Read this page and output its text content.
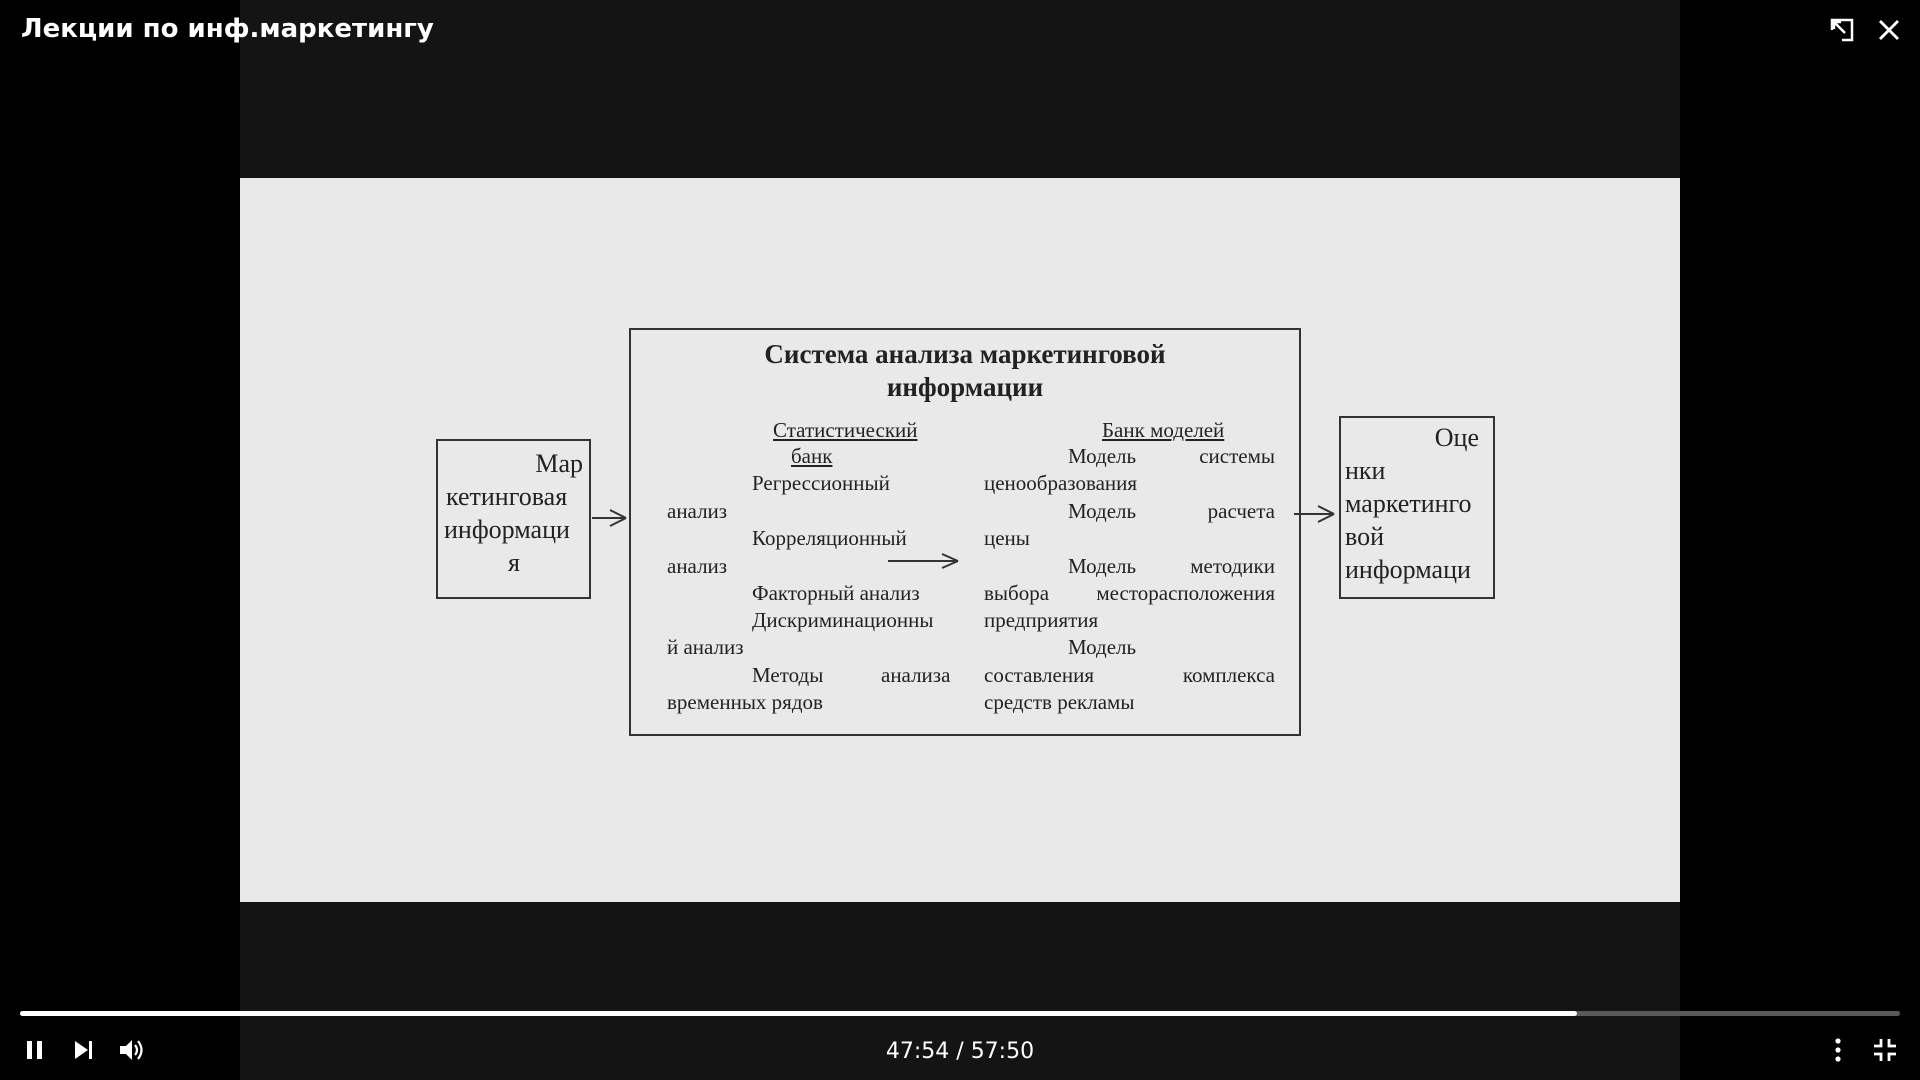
Мар
кетинговая
информаци
я
Система анализа маркетинговой
информации
Статистический
банк
Регрессионный
анализ
Корреляционный
анализ
Факторный анализ
Дискриминационны
й анализ
Методы	анализа
временных рядов
Банк моделей
Модель	системы
ценообразования
Модель	расчета
цены
Модель	методики
выбора месторасположения
предприятия
Модель
составления	комплекса
средств рекламы
Оце
нки
маркетинго
вой
информаци
Лекции по инф.маркетингу
47:54 / 57:50
